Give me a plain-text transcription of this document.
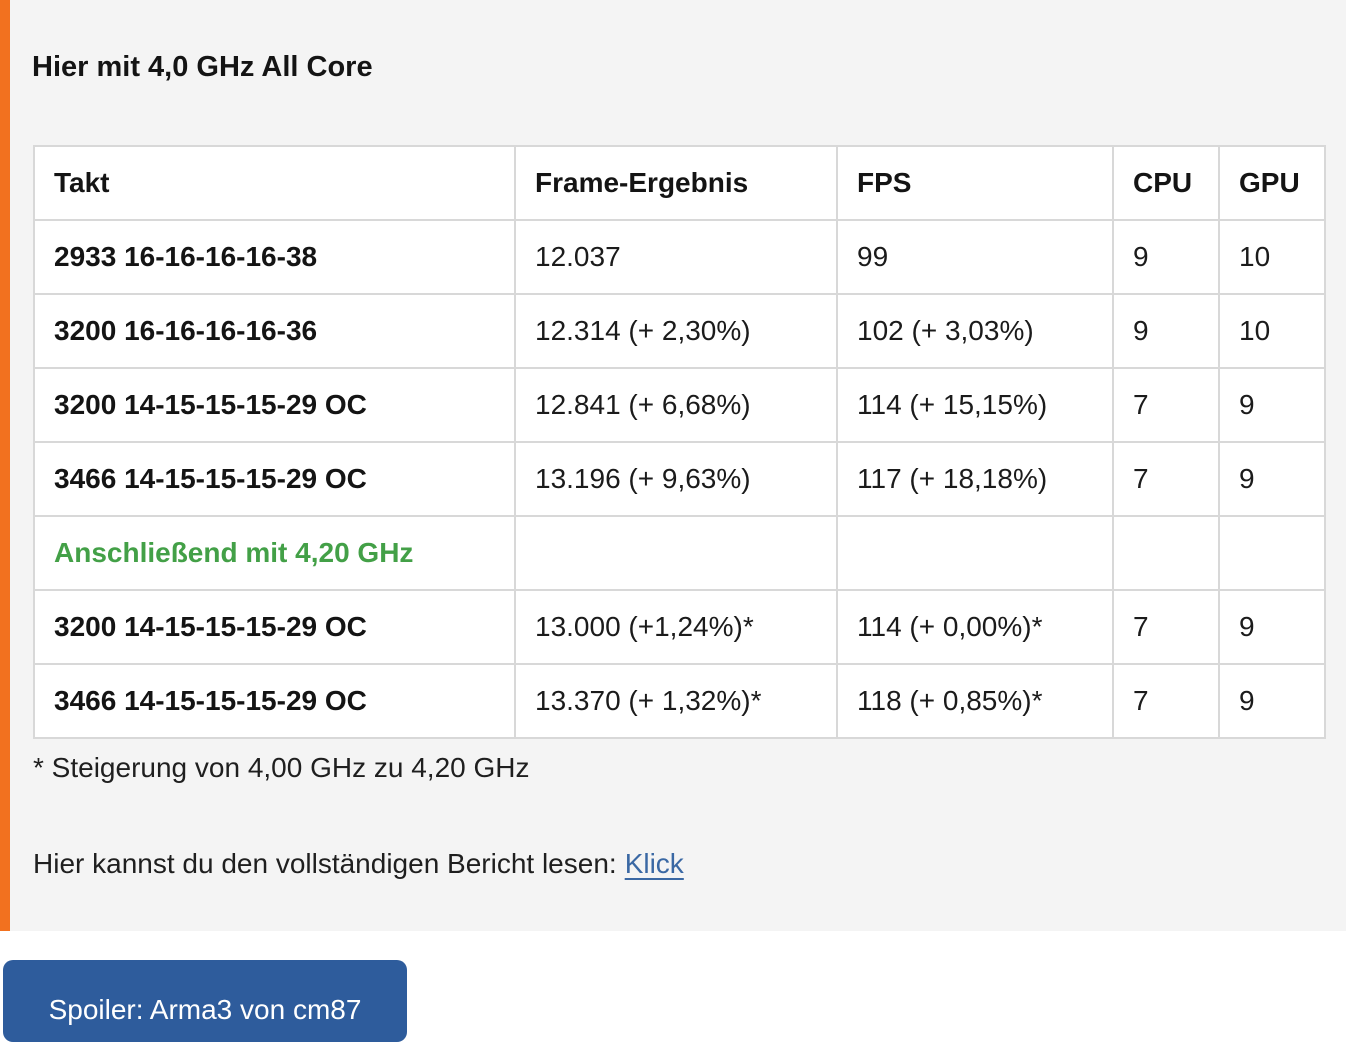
Hier mit 4,0 GHz All Core
Takt	Frame-Ergebnis	FPS	CPU	GPU
2933 16-16-16-16-38	12.037	99	9	10
3200 16-16-16-16-36	12.314 (+ 2,30%)	102 (+ 3,03%)	9	10
3200 14-15-15-15-29 OC	12.841 (+ 6,68%)	114 (+ 15,15%)	7	9
3466 14-15-15-15-29 OC	13.196 (+ 9,63%)	117 (+ 18,18%)	7	9
Anschließend mit 4,20 GHz				
3200 14-15-15-15-29 OC	13.000 (+1,24%)*	114 (+ 0,00%)*	7	9
3466 14-15-15-15-29 OC	13.370 (+ 1,32%)*	118 (+ 0,85%)*	7	9

* Steigerung von 4,00 GHz zu 4,20 GHz

Hier kannst du den vollständigen Bericht lesen: Klick

Spoiler: Arma3 von cm87
